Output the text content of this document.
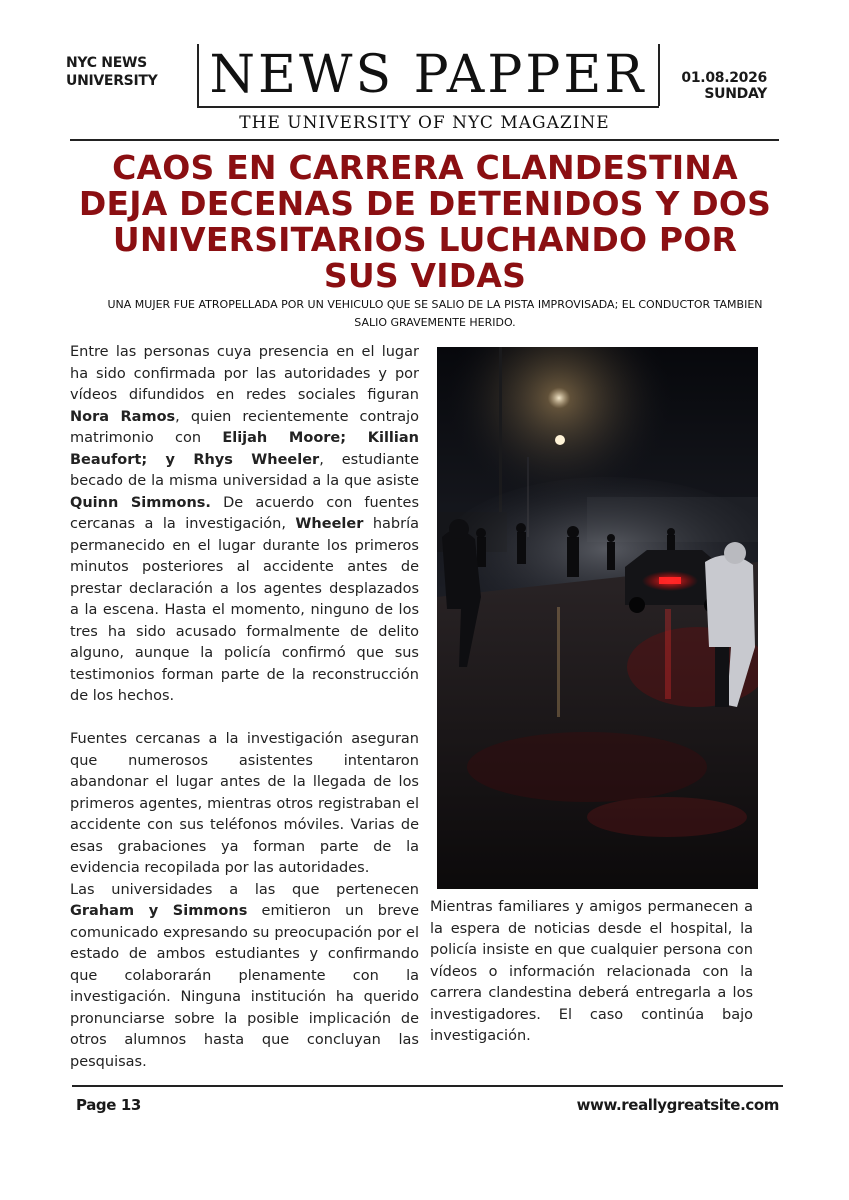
NYC NEWS
UNIVERSITY	NEWS PAPPER	01.08.2026
SUNDAY
THE UNIVERSITY OF NYC MAGAZINE
CAOS EN CARRERA CLANDESTINA DEJA DECENAS DE DETENIDOS Y DOS UNIVERSITARIOS LUCHANDO POR SUS VIDAS
UNA MUJER FUE ATROPELLADA POR UN VEHICULO QUE SE SALIO DE LA PISTA IMPROVISADA; EL CONDUCTOR TAMBIEN SALIO GRAVEMENTE HERIDO.

Entre las personas cuya presencia en el lugar ha sido confirmada por las autoridades y por vídeos difundidos en redes sociales figuran Nora Ramos, quien recientemente contrajo matrimonio con Elijah Moore; Killian Beaufort; y Rhys Wheeler, estudiante becado de la misma universidad a la que asiste Quinn Simmons. De acuerdo con fuentes cercanas a la investigación, Wheeler habría permanecido en el lugar durante los primeros minutos posteriores al accidente antes de prestar declaración a los agentes desplazados a la escena. Hasta el momento, ninguno de los tres ha sido acusado formalmente de delito alguno, aunque la policía confirmó que sus testimonios forman parte de la reconstrucción de los hechos.

Fuentes cercanas a la investigación aseguran que numerosos asistentes intentaron abandonar el lugar antes de la llegada de los primeros agentes, mientras otros registraban el accidente con sus teléfonos móviles. Varias de esas grabaciones ya forman parte de la evidencia recopilada por las autoridades.

Las universidades a las que pertenecen Graham y Simmons emitieron un breve comunicado expresando su preocupación por el estado de ambos estudiantes y confirmando que colaborarán plenamente con la investigación. Ninguna institución ha querido pronunciarse sobre la posible implicación de otros alumnos hasta que concluyan las pesquisas.

Mientras familiares y amigos permanecen a la espera de noticias desde el hospital, la policía insiste en que cualquier persona con vídeos o información relacionada con la carrera clandestina deberá entregarla a los investigadores. El caso continúa bajo investigación.

Page 13	www.reallygreatsite.com
